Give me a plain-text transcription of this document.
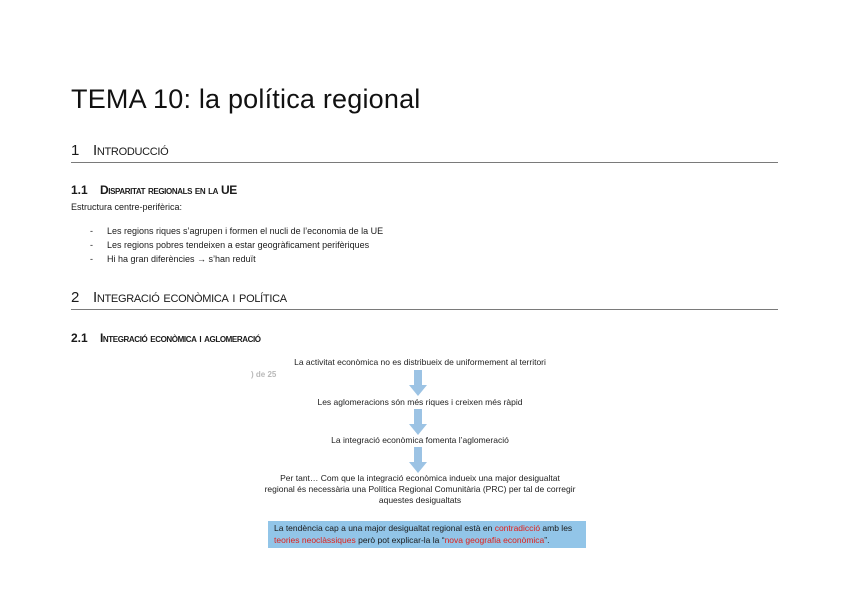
TEMA 10: la política regional
1 Introducció
1.1 Disparitat regionals en la UE
Estructura centre-perifèrica:
- Les regions riques s’agrupen i formen el nucli de l’economia de la UE
- Les regions pobres tendeixen a estar geogràficament perifèriques
- Hi ha gran diferències → s’han reduït
2 Integració econòmica i política
2.1 Integració econòmica i aglomeració
) de 25
La activitat econòmica no es distribueix de uniformement al territori
Les aglomeracions són més riques i creixen més ràpid
La integració econòmica fomenta l’aglomeració
Per tant… Com que la integració econòmica indueix una major desigualtat
regional és necessària una Política Regional Comunitària (PRC) per tal de corregir
aquestes desigualtats
La tendència cap a una major desigualtat regional està en contradicció amb les teories neoclàssiques però pot explicar-la la “nova geografia econòmica”.
